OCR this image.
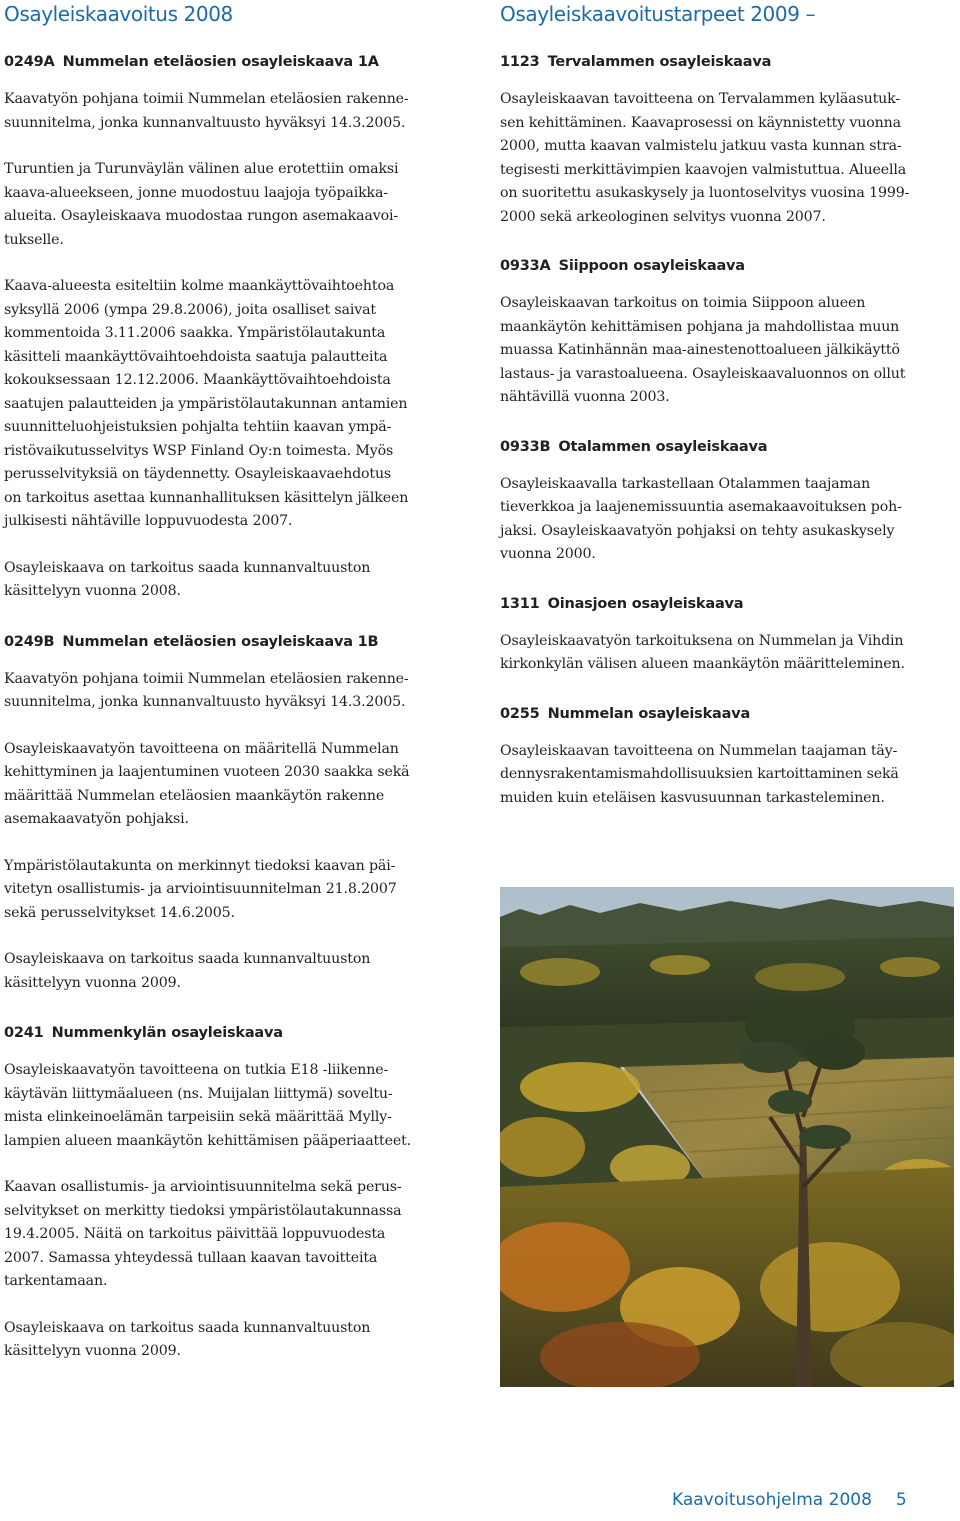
Osayleiskaavoitus 2008
0249A Nummelan eteläosien osayleiskaava 1A

Kaavatyön pohjana toimii Nummelan eteläosien rakenne-
suunnitelma, jonka kunnanvaltuusto hyväksyi 14.3.2005.

Turuntien ja Turunväylän välinen alue erotettiin omaksi
kaava-alueekseen, jonne muodostuu laajoja työpaikka-
alueita. Osayleiskaava muodostaa rungon asemakaavoi-
tukselle.

Kaava-alueesta esiteltiin kolme maankäyttövaihtoehtoa
syksyllä 2006 (ympa 29.8.2006), joita osalliset saivat
kommentoida 3.11.2006 saakka. Ympäristölautakunta
käsitteli maankäyttövaihtoehdoista saatuja palautteita
kokouksessaan 12.12.2006. Maankäyttövaihtoehdoista
saatujen palautteiden ja ympäristölautakunnan antamien
suunnitteluohjeistuksien pohjalta tehtiin kaavan ympä-
ristövaikutusselvitys WSP Finland Oy:n toimesta. Myös
perusselvityksiä on täydennetty. Osayleiskaavaehdotus
on tarkoitus asettaa kunnanhallituksen käsittelyn jälkeen
julkisesti nähtäville loppuvuodesta 2007.

Osayleiskaava on tarkoitus saada kunnanvaltuuston
käsittelyyn vuonna 2008.

0249B Nummelan eteläosien osayleiskaava 1B

Kaavatyön pohjana toimii Nummelan eteläosien rakenne-
suunnitelma, jonka kunnanvaltuusto hyväksyi 14.3.2005.

Osayleiskaavatyön tavoitteena on määritellä Nummelan
kehittyminen ja laajentuminen vuoteen 2030 saakka sekä
määrittää Nummelan eteläosien maankäytön rakenne
asemakaavatyön pohjaksi.

Ympäristölautakunta on merkinnyt tiedoksi kaavan päi-
vitetyn osallistumis- ja arviointisuunnitelman 21.8.2007
sekä perusselvitykset 14.6.2005.

Osayleiskaava on tarkoitus saada kunnanvaltuuston
käsittelyyn vuonna 2009.

0241 Nummenkylän osayleiskaava

Osayleiskaavatyön tavoitteena on tutkia E18 -liikenne-
käytävän liittymäalueen (ns. Muijalan liittymä) soveltu-
mista elinkeinoelämän tarpeisiin sekä määrittää Mylly-
lampien alueen maankäytön kehittämisen pääperiaatteet.

Kaavan osallistumis- ja arviointisuunnitelma sekä perus-
selvitykset on merkitty tiedoksi ympäristölautakunnassa
19.4.2005. Näitä on tarkoitus päivittää loppuvuodesta
2007. Samassa yhteydessä tullaan kaavan tavoitteita
tarkentamaan.

Osayleiskaava on tarkoitus saada kunnanvaltuuston
käsittelyyn vuonna 2009.

Osayleiskaavoitustarpeet 2009 –
1123 Tervalammen osayleiskaava

Osayleiskaavan tavoitteena on Tervalammen kyläasutuk-
sen kehittäminen. Kaavaprosessi on käynnistetty vuonna
2000, mutta kaavan valmistelu jatkuu vasta kunnan stra-
tegisesti merkittävimpien kaavojen valmistuttua. Alueella
on suoritettu asukaskysely ja luontoselvitys vuosina 1999-
2000 sekä arkeologinen selvitys vuonna 2007.

0933A Siippoon osayleiskaava

Osayleiskaavan tarkoitus on toimia Siippoon alueen
maankäytön kehittämisen pohjana ja mahdollistaa muun
muassa Katinhännän maa-ainestenottoalueen jälkikäyttö
lastaus- ja varastoalueena. Osayleiskaavaluonnos on ollut
nähtävillä vuonna 2003.

0933B Otalammen osayleiskaava

Osayleiskaavalla tarkastellaan Otalammen taajaman
tieverkkoa ja laajenemissuuntia asemakaavoituksen poh-
jaksi. Osayleiskaavatyön pohjaksi on tehty asukaskysely
vuonna 2000.

1311 Oinasjoen osayleiskaava

Osayleiskaavatyön tarkoituksena on Nummelan ja Vihdin
kirkonkylän välisen alueen maankäytön määritteleminen.

0255 Nummelan osayleiskaava

Osayleiskaavan tavoitteena on Nummelan taajaman täy-
dennysrakentamismahdollisuuksien kartoittaminen sekä
muiden kuin eteläisen kasvusuunnan tarkasteleminen.

Kaavoitusohjelma 2008 5
